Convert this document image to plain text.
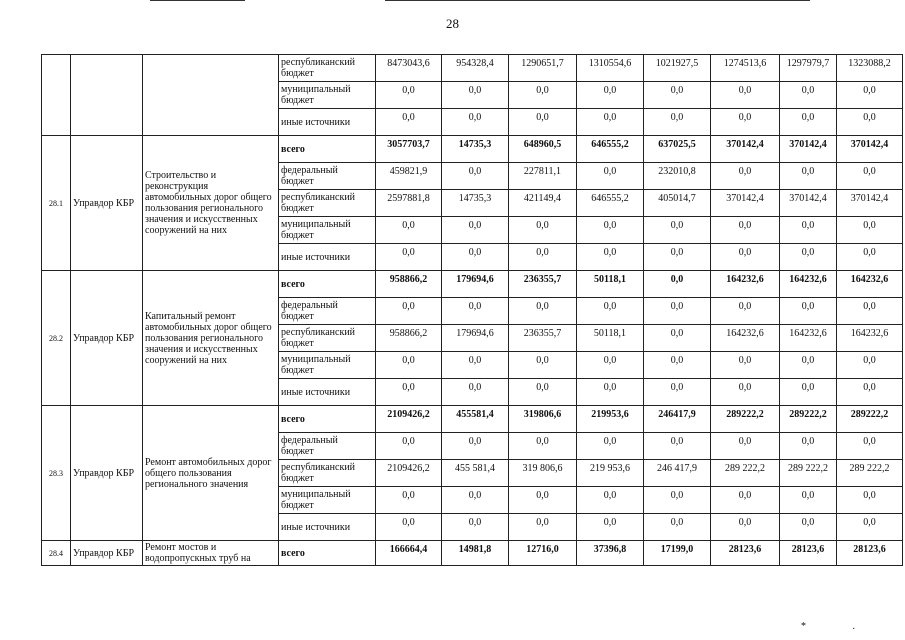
28
			республиканский бюджет	8473043,6	954328,4	1290651,7	1310554,6	1021927,5	1274513,6	1297979,7	1323088,2
			муниципальный бюджет	0,0	0,0	0,0	0,0	0,0	0,0	0,0	0,0
			иные источники	0,0	0,0	0,0	0,0	0,0	0,0	0,0	0,0
28.1	Управдор КБР	Строительство и реконструкция автомобильных дорог общего пользования регионального значения и искусственных сооружений на них	всего	3057703,7	14735,3	648960,5	646555,2	637025,5	370142,4	370142,4	370142,4
			федеральный бюджет	459821,9	0,0	227811,1	0,0	232010,8	0,0	0,0	0,0
			республиканский бюджет	2597881,8	14735,3	421149,4	646555,2	405014,7	370142,4	370142,4	370142,4
			муниципальный бюджет	0,0	0,0	0,0	0,0	0,0	0,0	0,0	0,0
			иные источники	0,0	0,0	0,0	0,0	0,0	0,0	0,0	0,0
28.2	Управдор КБР	Капитальный ремонт автомобильных дорог общего пользования регионального значения и искусственных сооружений на них	всего	958866,2	179694,6	236355,7	50118,1	0,0	164232,6	164232,6	164232,6
			федеральный бюджет	0,0	0,0	0,0	0,0	0,0	0,0	0,0	0,0
			республиканский бюджет	958866,2	179694,6	236355,7	50118,1	0,0	164232,6	164232,6	164232,6
			муниципальный бюджет	0,0	0,0	0,0	0,0	0,0	0,0	0,0	0,0
			иные источники	0,0	0,0	0,0	0,0	0,0	0,0	0,0	0,0
28.3	Управдор КБР	Ремонт автомобильных дорог общего пользования регионального значения	всего	2109426,2	455581,4	319806,6	219953,6	246417,9	289222,2	289222,2	289222,2
			федеральный бюджет	0,0	0,0	0,0	0,0	0,0	0,0	0,0	0,0
			республиканский бюджет	2109426,2	455 581,4	319 806,6	219 953,6	246 417,9	289 222,2	289 222,2	289 222,2
			муниципальный бюджет	0,0	0,0	0,0	0,0	0,0	0,0	0,0	0,0
			иные источники	0,0	0,0	0,0	0,0	0,0	0,0	0,0	0,0
28.4	Управдор КБР	Ремонт мостов и водопропускных труб на	всего	166664,4	14981,8	12716,0	37396,8	17199,0	28123,6	28123,6	28123,6
* .
